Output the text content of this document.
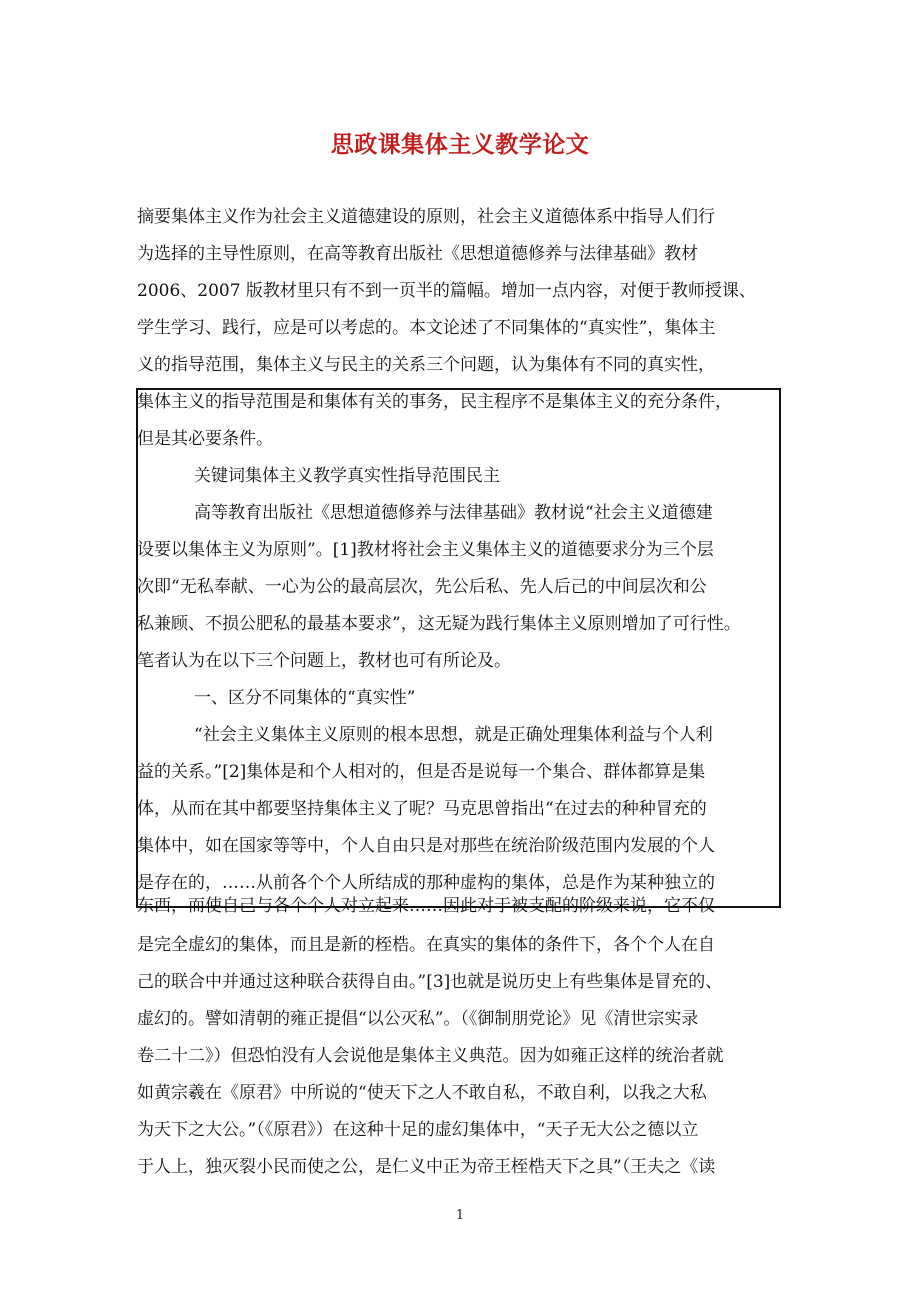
思政课集体主义教学论文
摘要集体主义作为社会主义道德建设的原则，社会主义道德体系中指导人们行
为选择的主导性原则，在高等教育出版社《思想道德修养与法律基础》教材
2006、2007 版教材里只有不到一页半的篇幅。增加一点内容，对便于教师授课、
学生学习、践行，应是可以考虑的。本文论述了不同集体的“真实性”，集体主
义的指导范围，集体主义与民主的关系三个问题，认为集体有不同的真实性，
集体主义的指导范围是和集体有关的事务，民主程序不是集体主义的充分条件，
但是其必要条件。
关键词集体主义教学真实性指导范围民主
高等教育出版社《思想道德修养与法律基础》教材说“社会主义道德建
设要以集体主义为原则”。[1]教材将社会主义集体主义的道德要求分为三个层
次即“无私奉献、一心为公的最高层次，先公后私、先人后己的中间层次和公
私兼顾、不损公肥私的最基本要求”，这无疑为践行集体主义原则增加了可行性。
笔者认为在以下三个问题上，教材也可有所论及。
一、区分不同集体的“真实性”
“社会主义集体主义原则的根本思想，就是正确处理集体利益与个人利
益的关系。”[2]集体是和个人相对的，但是否是说每一个集合、群体都算是集
体，从而在其中都要坚持集体主义了呢？马克思曾指出“在过去的种种冒充的
集体中，如在国家等等中，个人自由只是对那些在统治阶级范围内发展的个人
是存在的，……从前各个个人所结成的那种虚构的集体，总是作为某种独立的
东西，而使自己与各个个人对立起来……因此对于被支配的阶级来说，它不仅
是完全虚幻的集体，而且是新的桎梏。在真实的集体的条件下，各个个人在自
己的联合中并通过这种联合获得自由。”[3]也就是说历史上有些集体是冒充的、
虚幻的。譬如清朝的雍正提倡“以公灭私”。（《御制朋党论》见《清世宗实录
卷二十二》）但恐怕没有人会说他是集体主义典范。因为如雍正这样的统治者就
如黄宗羲在《原君》中所说的“使天下之人不敢自私，不敢自利，以我之大私
为天下之大公。”（《原君》）在这种十足的虚幻集体中，“天子无大公之德以立
于人上，独灭裂小民而使之公，是仁义中正为帝王桎梏天下之具”（王夫之《读
1
